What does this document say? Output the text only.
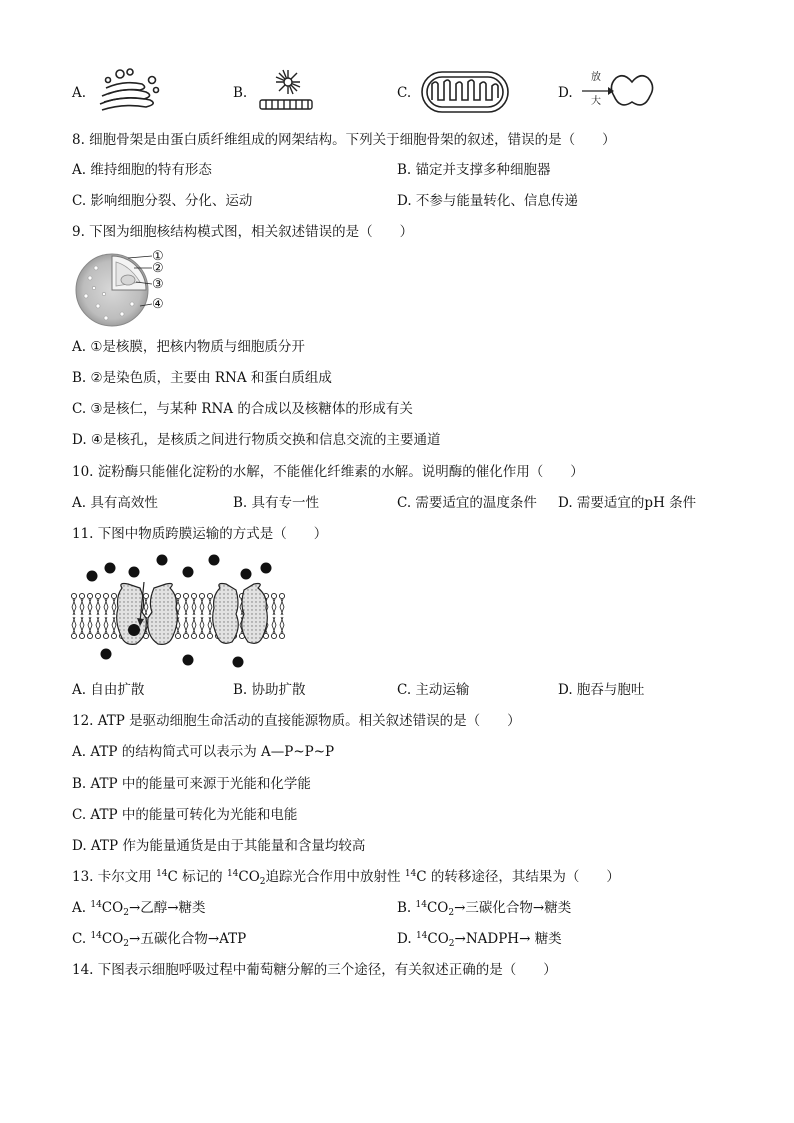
A.	B.	C.	D.
放
大
8. 细胞骨架是由蛋白质纤维组成的网架结构。下列关于细胞骨架的叙述，错误的是（　　）
A. 维持细胞的特有形态	B. 锚定并支撑多种细胞器
C. 影响细胞分裂、分化、运动	D. 不参与能量转化、信息传递
9. 下图为细胞核结构模式图，相关叙述错误的是（　　）
①
②
③
④
A. ①是核膜，把核内物质与细胞质分开
B. ②是染色质，主要由 RNA 和蛋白质组成
C. ③是核仁，与某种 RNA 的合成以及核糖体的形成有关
D. ④是核孔，是核质之间进行物质交换和信息交流的主要通道
10. 淀粉酶只能催化淀粉的水解，不能催化纤维素的水解。说明酶的催化作用（　　）
A. 具有高效性	B. 具有专一性	C. 需要适宜的温度条件 D. 需要适宜的pH 条件
11. 下图中物质跨膜运输的方式是（　　）
A. 自由扩散	B. 协助扩散	C. 主动运输	D. 胞吞与胞吐
12. ATP 是驱动细胞生命活动的直接能源物质。相关叙述错误的是（　　）
A. ATP 的结构简式可以表示为 A—P~P~P
B. ATP 中的能量可来源于光能和化学能
C. ATP 中的能量可转化为光能和电能
D. ATP 作为能量通货是由于其能量和含量均较高
13. 卡尔文用 $^{14}$C 标记的 $^{14}CO_2$追踪光合作用中放射性 $^{14}$C 的转移途径，其结果为（　　）
A. $^{14}CO_2\to$乙醇→糖类	B. $^{14}CO_2\to$三碳化合物→糖类
C. $^{14}CO_2\to$五碳化合物→ATP	D. $^{14}CO_2\to NADPH\to$ 糖类
14. 下图表示细胞呼吸过程中葡萄糖分解的三个途径，有关叙述正确的是（　　）
